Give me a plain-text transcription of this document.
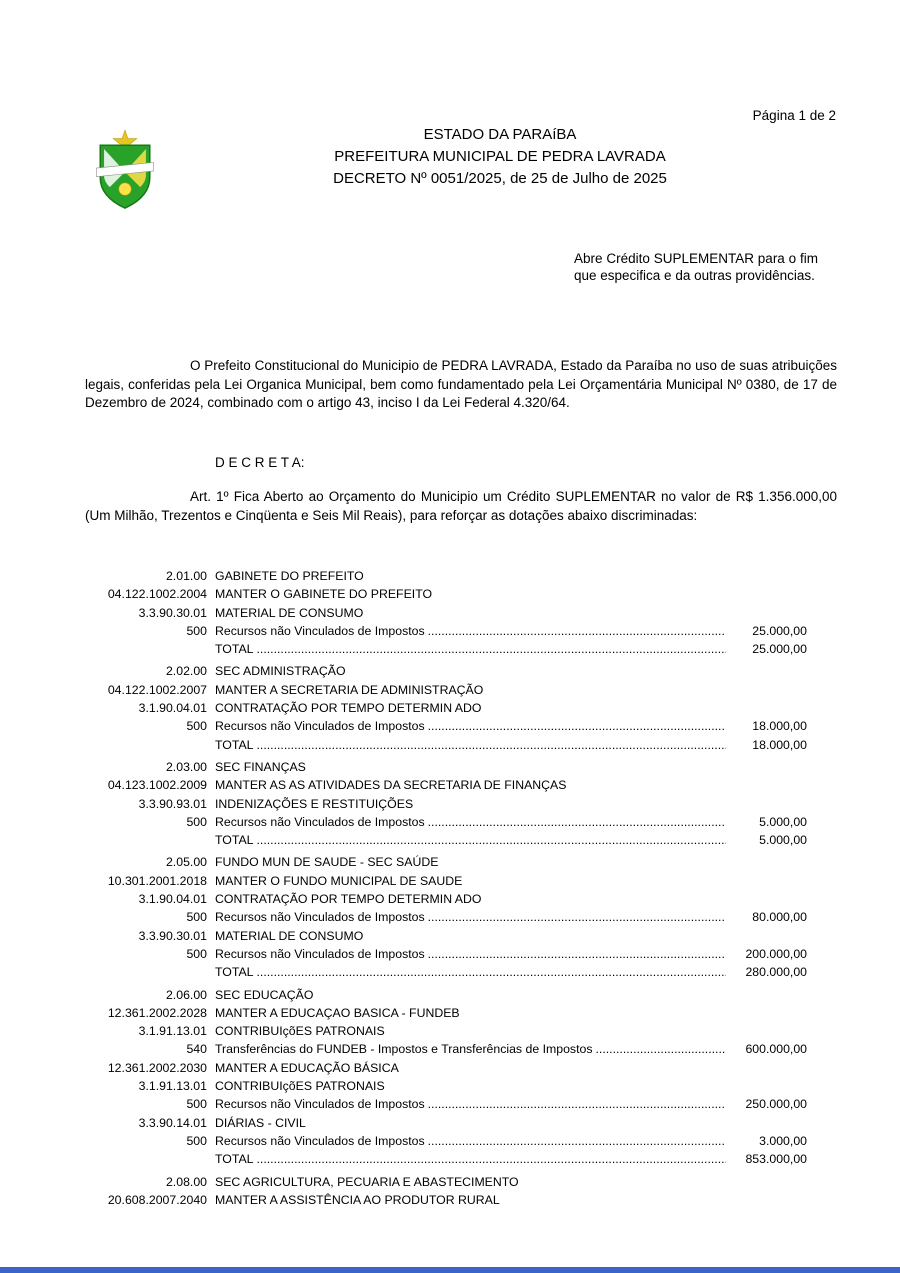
Página 1 de 2
ESTADO DA PARAíBA
PREFEITURA MUNICIPAL DE PEDRA LAVRADA
DECRETO Nº 0051/2025, de 25 de Julho de 2025
Abre Crédito SUPLEMENTAR para o fim que especifica e da outras providências.

O Prefeito Constitucional do Municipio de PEDRA LAVRADA, Estado da Paraíba no uso de suas atribuições legais, conferidas pela Lei Organica Municipal, bem como fundamentado pela Lei Orçamentária Municipal Nº 0380, de 17 de Dezembro de 2024, combinado com o artigo 43, inciso I da Lei Federal 4.320/64.

D E C R E T A:

Art. 1º Fica Aberto ao Orçamento do Municipio um Crédito SUPLEMENTAR no valor de R$ 1.356.000,00 (Um Milhão, Trezentos e Cinqüenta e Seis Mil Reais), para reforçar as dotações abaixo discriminadas:

2.01.00 GABINETE DO PREFEITO
04.122.1002.2004 MANTER O GABINETE DO PREFEITO
3.3.90.30.01 MATERIAL DE CONSUMO
500 Recursos não Vinculados de Impostos .....	25.000,00
TOTAL .....	25.000,00
2.02.00 SEC ADMINISTRAÇÃO
04.122.1002.2007 MANTER A SECRETARIA DE ADMINISTRAÇÃO
3.1.90.04.01 CONTRATAÇÃO POR TEMPO DETERMIN ADO
500 Recursos não Vinculados de Impostos .....	18.000,00
TOTAL .....	18.000,00
2.03.00 SEC FINANÇAS
04.123.1002.2009 MANTER AS AS ATIVIDADES DA SECRETARIA DE FINANÇAS
3.3.90.93.01 INDENIZAÇÕES E RESTITUIÇÕES
500 Recursos não Vinculados de Impostos .....	5.000,00
TOTAL .....	5.000,00
2.05.00 FUNDO MUN DE SAUDE - SEC SAÚDE
10.301.2001.2018 MANTER O FUNDO MUNICIPAL DE SAUDE
3.1.90.04.01 CONTRATAÇÃO POR TEMPO DETERMIN ADO
500 Recursos não Vinculados de Impostos .....	80.000,00
3.3.90.30.01 MATERIAL DE CONSUMO
500 Recursos não Vinculados de Impostos .....	200.000,00
TOTAL .....	280.000,00
2.06.00 SEC EDUCAÇÃO
12.361.2002.2028 MANTER A EDUCAÇAO BASICA - FUNDEB
3.1.91.13.01 CONTRIBUIçõES PATRONAIS
540 Transferências do FUNDEB - Impostos e Transferências de Impostos .....	600.000,00
12.361.2002.2030 MANTER A EDUCAÇÃO BÁSICA
3.1.91.13.01 CONTRIBUIçõES PATRONAIS
500 Recursos não Vinculados de Impostos .....	250.000,00
3.3.90.14.01 DIÁRIAS - CIVIL
500 Recursos não Vinculados de Impostos .....	3.000,00
TOTAL .....	853.000,00
2.08.00 SEC AGRICULTURA, PECUARIA E ABASTECIMENTO
20.608.2007.2040 MANTER A ASSISTÊNCIA AO PRODUTOR RURAL
